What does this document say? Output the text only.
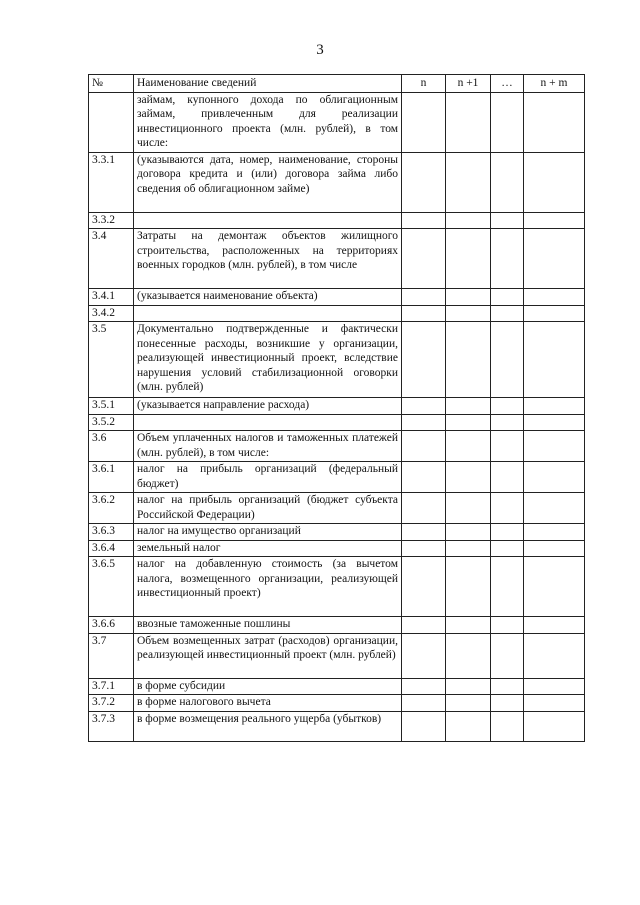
3
№	Наименование сведений	n	n +1	…	n + m
	займам, купонного дохода по облигационным займам, привлеченным для реализации инвестиционного проекта (млн. рублей), в том числе:				
3.3.1	(указываются дата, номер, наименование, стороны договора кредита и (или) договора займа либо сведения об облигационном займе)				
3.3.2					
3.4	Затраты на демонтаж объектов жилищного строительства, расположенных на территориях военных городков (млн. рублей), в том числе				
3.4.1	(указывается наименование объекта)				
3.4.2					
3.5	Документально подтвержденные и фактически понесенные расходы, возникшие у организации, реализующей инвестиционный проект, вследствие нарушения условий стабилизационной оговорки (млн. рублей)				
3.5.1	(указывается направление расхода)				
3.5.2					
3.6	Объем уплаченных налогов и таможенных платежей (млн. рублей), в том числе:				
3.6.1	налог на прибыль организаций (федеральный бюджет)				
3.6.2	налог на прибыль организаций (бюджет субъекта Российской Федерации)				
3.6.3	налог на имущество организаций				
3.6.4	земельный налог				
3.6.5	налог на добавленную стоимость (за вычетом налога, возмещенного организации, реализующей инвестиционный проект)				
3.6.6	ввозные таможенные пошлины				
3.7	Объем возмещенных затрат (расходов) организации, реализующей инвестиционный проект (млн. рублей)				
3.7.1	в форме субсидии				
3.7.2	в форме налогового вычета				
3.7.3	в форме возмещения реального ущерба (убытков)				
